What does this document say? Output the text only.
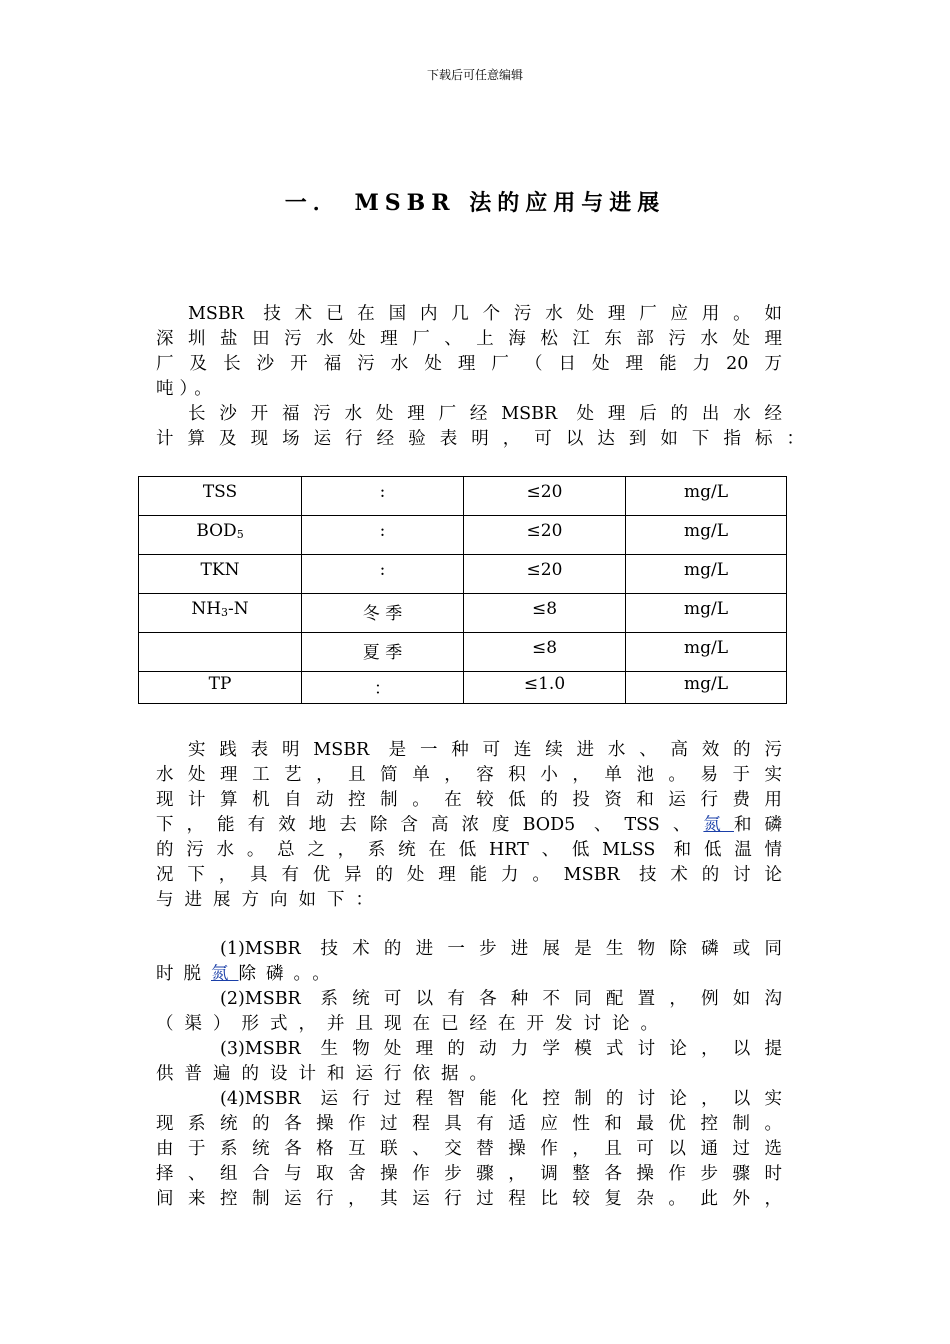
下载后可任意编辑
一． MSBR 法的应用与进展
MSBR 技术已在国内几个污水处理厂应用。如
深圳盐田污水处理厂、上海松江东部污水处理
厂及长沙开福污水处理厂（日处理能力20万
吨）。
长沙开福污水处理厂经MSBR 处理后的出水经
计算及现场运行经验表明，可以达到如下指标：
TSS	:	≤20	mg/L
$BOD_5$	:	≤20	mg/L
TKN	:	≤20	mg/L
$NH_3-N$	冬 季	≤8	mg/L
	夏 季	≤8	mg/L
TP	：	≤1.0	mg/L
实践表明MSBR 是一种可连续进水、高效的污
水处理工艺，且简单，容积小，单池。易于实
现计算机自动控制。在较低的投资和运行费用
下，能有效地去除含高浓度BOD5 、TSS、氮和磷
的污水。总之，系统在低HRT、低MLSS 和低温情
况下，具有优异的处理能力。MSBR 技术的讨论
与进展方向如下：
(1)MSBR 技术的进一步进展是生物除磷或同
时脱氮除磷。。
(2)MSBR 系统可以有各种不同配置，例如沟
（渠）形式，并且现在已经在开发讨论。
(3)MSBR 生物处理的动力学模式讨论，以提
供普遍的设计和运行依据。
(4)MSBR 运行过程智能化控制的讨论，以实
现系统的各操作过程具有适应性和最优控制。
由于系统各格互联、交替操作，且可以通过选
择、组合与取舍操作步骤，调整各操作步骤时
间来控制运行，其运行过程比较复杂。此外，
